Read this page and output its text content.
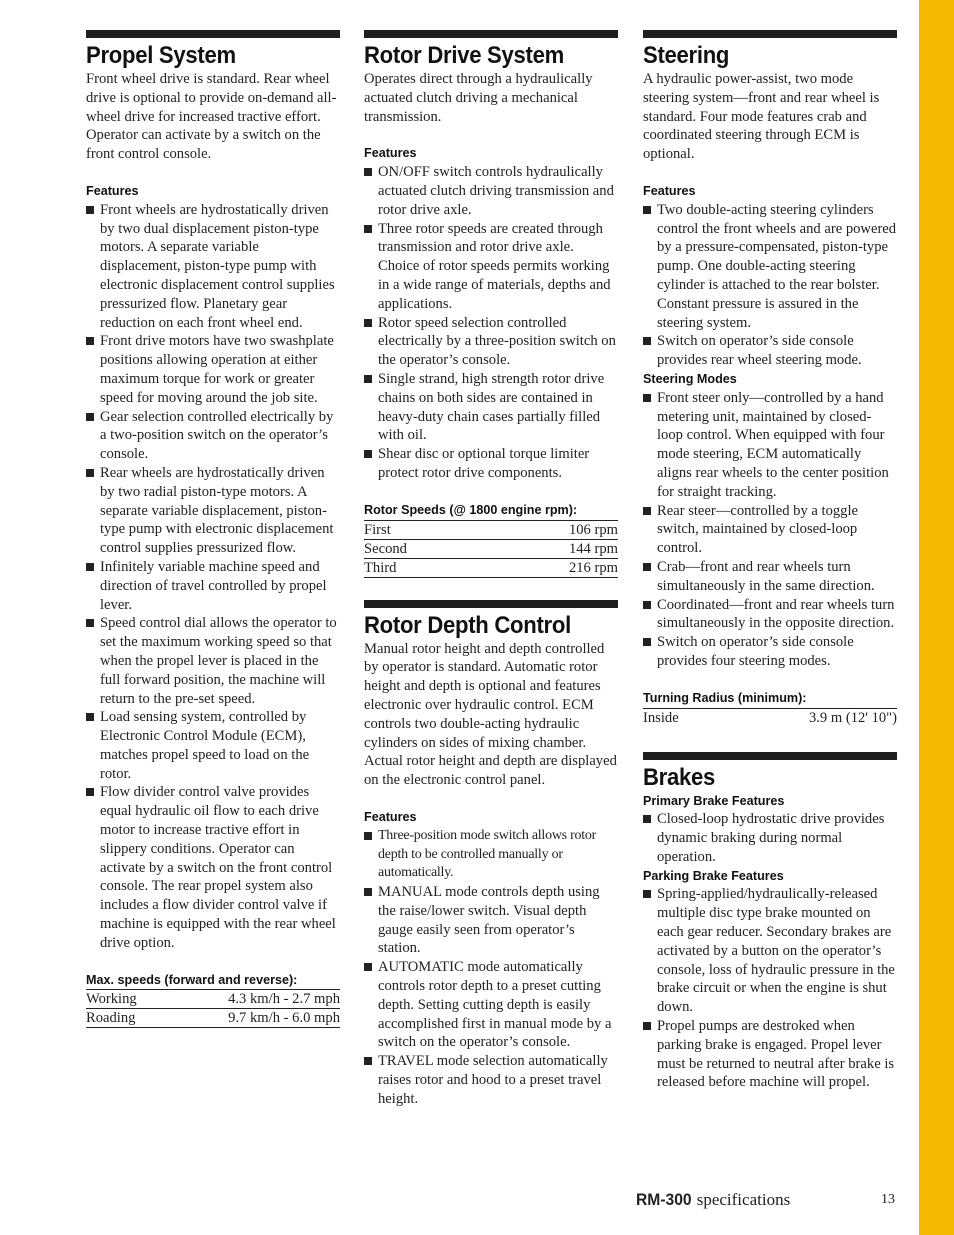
Propel System

Front wheel drive is standard. Rear wheel drive is optional to provide on-demand all-wheel drive for increased tractive effort. Operator can activate by a switch on the front control console.

Features
Front wheels are hydrostatically driven by two dual displacement piston-type motors. A separate variable displacement, piston-type pump with electronic displacement control supplies pressurized flow. Planetary gear reduction on each front wheel end.
Front drive motors have two swashplate positions allowing operation at either maximum torque for work or greater speed for moving around the job site.
Gear selection controlled electrically by a two-position switch on the operator’s console.
Rear wheels are hydrostatically driven by two radial piston-type motors. A separate variable displacement, piston-type pump with electronic displacement control supplies pressurized flow.
Infinitely variable machine speed and direction of travel controlled by propel lever.
Speed control dial allows the operator to set the maximum working speed so that when the propel lever is placed in the full forward position, the machine will return to the pre-set speed.
Load sensing system, controlled by Electronic Control Module (ECM), matches propel speed to load on the rotor.
Flow divider control valve provides equal hydraulic oil flow to each drive motor to increase tractive effort in slippery conditions. Operator can activate by a switch on the front control console. The rear propel system also includes a flow divider control valve if machine is equipped with the rear wheel drive option.
Max. speeds (forward and reverse):
Working	4.3 km/h - 2.7 mph
Roading	9.7 km/h - 6.0 mph
Rotor Drive System

Operates direct through a hydraulically actuated clutch driving a mechanical transmission.

Features
ON/OFF switch controls hydraulically actuated clutch driving transmission and rotor drive axle.
Three rotor speeds are created through transmission and rotor drive axle. Choice of rotor speeds permits working in a wide range of materials, depths and applications.
Rotor speed selection controlled electrically by a three-position switch on the operator’s console.
Single strand, high strength rotor drive chains on both sides are contained in heavy-duty chain cases partially filled with oil.
Shear disc or optional torque limiter protect rotor drive components.
Rotor Speeds (@ 1800 engine rpm):
First	106 rpm
Second	144 rpm
Third	216 rpm
Rotor Depth Control

Manual rotor height and depth controlled by operator is standard. Automatic rotor height and depth is optional and features electronic over hydraulic control. ECM controls two double-acting hydraulic cylinders on sides of mixing chamber. Actual rotor height and depth are displayed on the electronic control panel.

Features
Three-position mode switch allows rotor depth to be controlled manually or automatically.
MANUAL mode controls depth using the raise/lower switch. Visual depth gauge easily seen from operator’s station.
AUTOMATIC mode automatically controls rotor depth to a preset cutting depth. Setting cutting depth is easily accomplished first in manual mode by a switch on the operator’s console.
TRAVEL mode selection automatically raises rotor and hood to a preset travel height.
Steering

A hydraulic power-assist, two mode steering system—front and rear wheel is standard. Four mode features crab and coordinated steering through ECM is optional.

Features
Two double-acting steering cylinders control the front wheels and are powered by a pressure-compensated, piston-type pump. One double-acting steering cylinder is attached to the rear bolster. Constant pressure is assured in the steering system.
Switch on operator’s side console provides rear wheel steering mode.
Steering Modes
Front steer only—controlled by a hand metering unit, maintained by closed-loop control. When equipped with four mode steering, ECM automatically aligns rear wheels to the center position for straight tracking.
Rear steer—controlled by a toggle switch, maintained by closed-loop control.
Crab—front and rear wheels turn simultaneously in the same direction.
Coordinated—front and rear wheels turn simultaneously in the opposite direction.
Switch on operator’s side console provides four steering modes.
Turning Radius (minimum):
Inside	3.9 m (12' 10")
Brakes
Primary Brake Features
Closed-loop hydrostatic drive provides dynamic braking during normal operation.
Parking Brake Features
Spring-applied/hydraulically-released multiple disc type brake mounted on each gear reducer. Secondary brakes are activated by a button on the operator’s console, loss of hydraulic pressure in the brake circuit or when the engine is shut down.
Propel pumps are destroked when parking brake is engaged. Propel lever must be returned to neutral after brake is released before machine will propel.
RM-300 specifications	13
